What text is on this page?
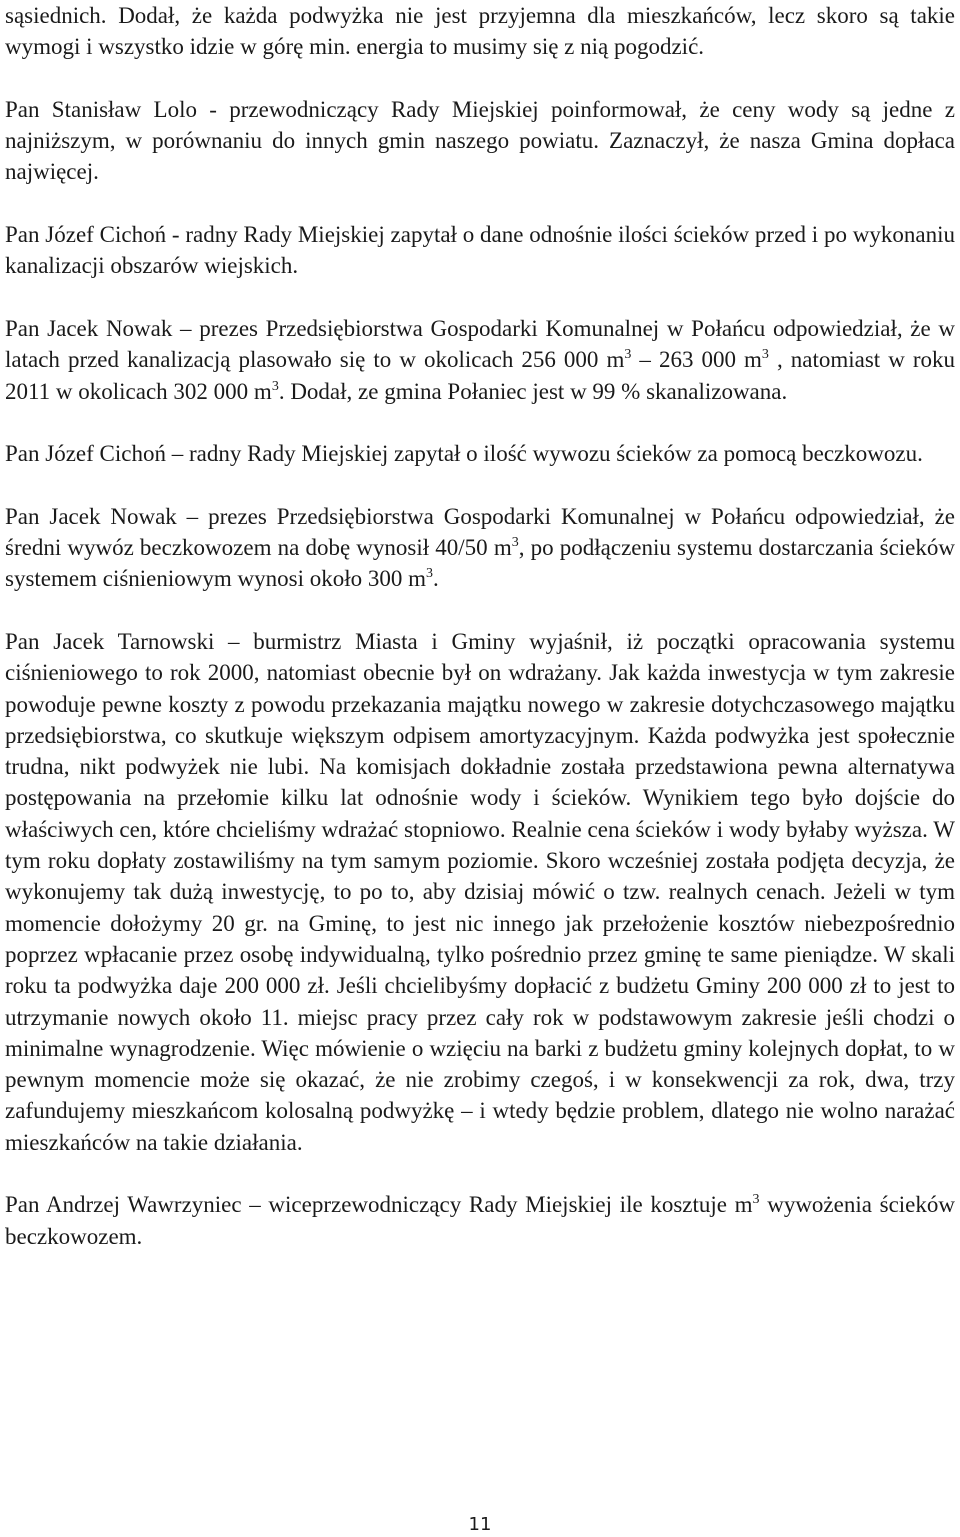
sąsiednich. Dodał, że każda podwyżka nie jest przyjemna dla mieszkańców, lecz skoro są takie wymogi i wszystko idzie w górę min. energia to musimy się z nią pogodzić.

Pan Stanisław Lolo - przewodniczący Rady Miejskiej poinformował, że ceny wody są jedne z najniższym, w porównaniu do innych gmin naszego powiatu. Zaznaczył, że nasza Gmina dopłaca najwięcej.

Pan Józef Cichoń - radny Rady Miejskiej zapytał o dane odnośnie ilości ścieków przed i po wykonaniu kanalizacji obszarów wiejskich.

Pan Jacek Nowak – prezes Przedsiębiorstwa Gospodarki Komunalnej w Połańcu odpowiedział, że w latach przed kanalizacją plasowało się to w okolicach 256 000 $m^3 - 263$ 000 $m^3$ , natomiast w roku 2011 w okolicach 302 000 $m^3$. Dodał, ze gmina Połaniec jest w 99 % skanalizowana.

Pan Józef Cichoń – radny Rady Miejskiej zapytał o ilość wywozu ścieków za pomocą beczkowozu.

Pan Jacek Nowak – prezes Przedsiębiorstwa Gospodarki Komunalnej w Połańcu odpowiedział, że średni wywóz beczkowozem na dobę wynosił 40/50 $m^3$, po podłączeniu systemu dostarczania ścieków systemem ciśnieniowym wynosi około 300 $m^3$.

Pan Jacek Tarnowski – burmistrz Miasta i Gminy wyjaśnił, iż początki opracowania systemu ciśnieniowego to rok 2000, natomiast obecnie był on wdrażany. Jak każda inwestycja w tym zakresie powoduje pewne koszty z powodu przekazania majątku nowego w zakresie dotychczasowego majątku przedsiębiorstwa, co skutkuje większym odpisem amortyzacyjnym. Każda podwyżka jest społecznie trudna, nikt podwyżek nie lubi. Na komisjach dokładnie została przedstawiona pewna alternatywa postępowania na przełomie kilku lat odnośnie wody i ścieków. Wynikiem tego było dojście do właściwych cen, które chcieliśmy wdrażać stopniowo. Realnie cena ścieków i wody byłaby wyższa. W tym roku dopłaty zostawiliśmy na tym samym poziomie. Skoro wcześniej została podjęta decyzja, że wykonujemy tak dużą inwestycję, to po to, aby dzisiaj mówić o tzw. realnych cenach. Jeżeli w tym momencie dołożymy 20 gr. na Gminę, to jest nic innego jak przełożenie kosztów niebezpośrednio poprzez wpłacanie przez osobę indywidualną, tylko pośrednio przez gminę te same pieniądze. W skali roku ta podwyżka daje 200 000 zł. Jeśli chcielibyśmy dopłacić z budżetu Gminy 200 000 zł to jest to utrzymanie nowych około 11. miejsc pracy przez cały rok w podstawowym zakresie jeśli chodzi o minimalne wynagrodzenie. Więc mówienie o wzięciu na barki z budżetu gminy kolejnych dopłat, to w pewnym momencie może się okazać, że nie zrobimy czegoś, i w konsekwencji za rok, dwa, trzy zafundujemy mieszkańcom kolosalną podwyżkę – i wtedy będzie problem, dlatego nie wolno narażać mieszkańców na takie działania.

Pan Andrzej Wawrzyniec – wiceprzewodniczący Rady Miejskiej ile kosztuje $m^3$ wywożenia ścieków beczkowozem.

11
